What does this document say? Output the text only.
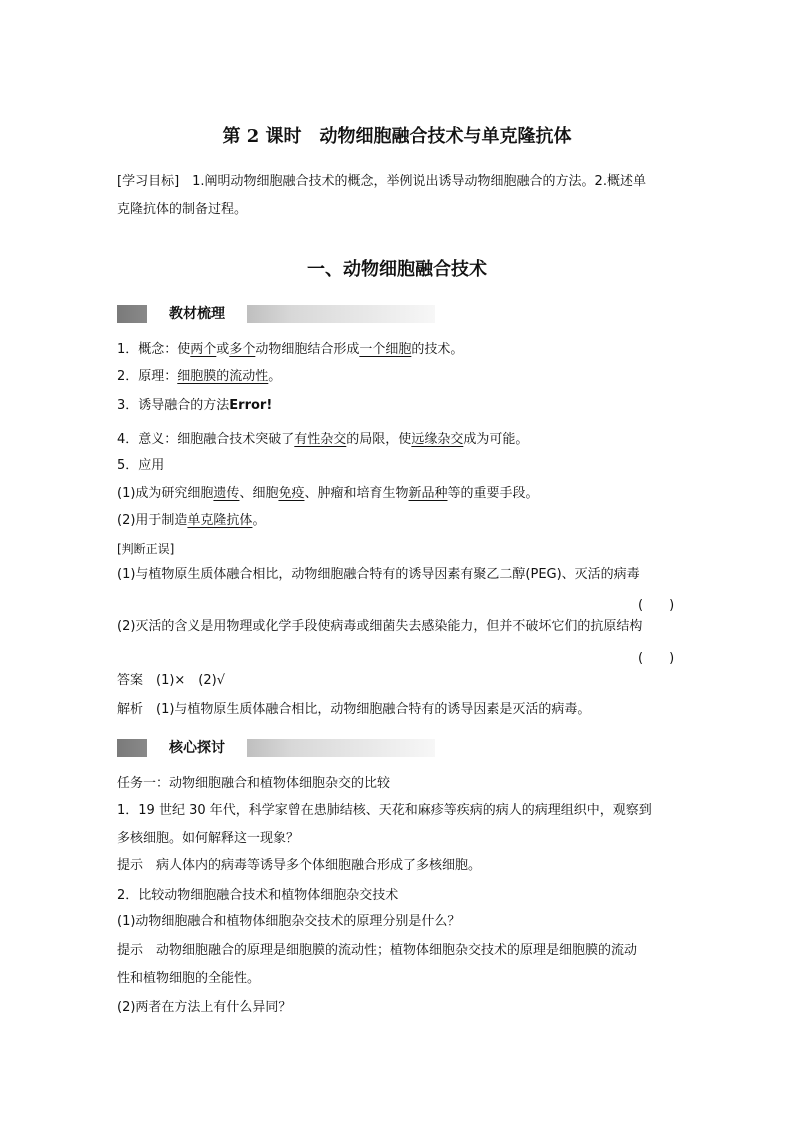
第 2 课时　动物细胞融合技术与单克隆抗体
[学习目标]　1.阐明动物细胞融合技术的概念，举例说出诱导动物细胞融合的方法。2.概述单
克隆抗体的制备过程。
一、动物细胞融合技术
教材梳理
1．概念：使两个或多个动物细胞结合形成一个细胞的技术。
2．原理：细胞膜的流动性。
3．诱导融合的方法Error!
4．意义：细胞融合技术突破了有性杂交的局限，使远缘杂交成为可能。
5．应用
(1)成为研究细胞遗传、细胞免疫、肿瘤和培育生物新品种等的重要手段。
(2)用于制造单克隆抗体。
[判断正误]
(1)与植物原生质体融合相比，动物细胞融合特有的诱导因素有聚乙二醇(PEG)、灭活的病毒
(　　)
(2)灭活的含义是用物理或化学手段使病毒或细菌失去感染能力，但并不破坏它们的抗原结构
(　　)
答案　(1)×　(2)√
解析　(1)与植物原生质体融合相比，动物细胞融合特有的诱导因素是灭活的病毒。
核心探讨
任务一：动物细胞融合和植物体细胞杂交的比较
1．19 世纪 30 年代，科学家曾在患肺结核、天花和麻疹等疾病的病人的病理组织中，观察到
多核细胞。如何解释这一现象？
提示　病人体内的病毒等诱导多个体细胞融合形成了多核细胞。
2．比较动物细胞融合技术和植物体细胞杂交技术
(1)动物细胞融合和植物体细胞杂交技术的原理分别是什么？
提示　动物细胞融合的原理是细胞膜的流动性；植物体细胞杂交技术的原理是细胞膜的流动
性和植物细胞的全能性。
(2)两者在方法上有什么异同？
